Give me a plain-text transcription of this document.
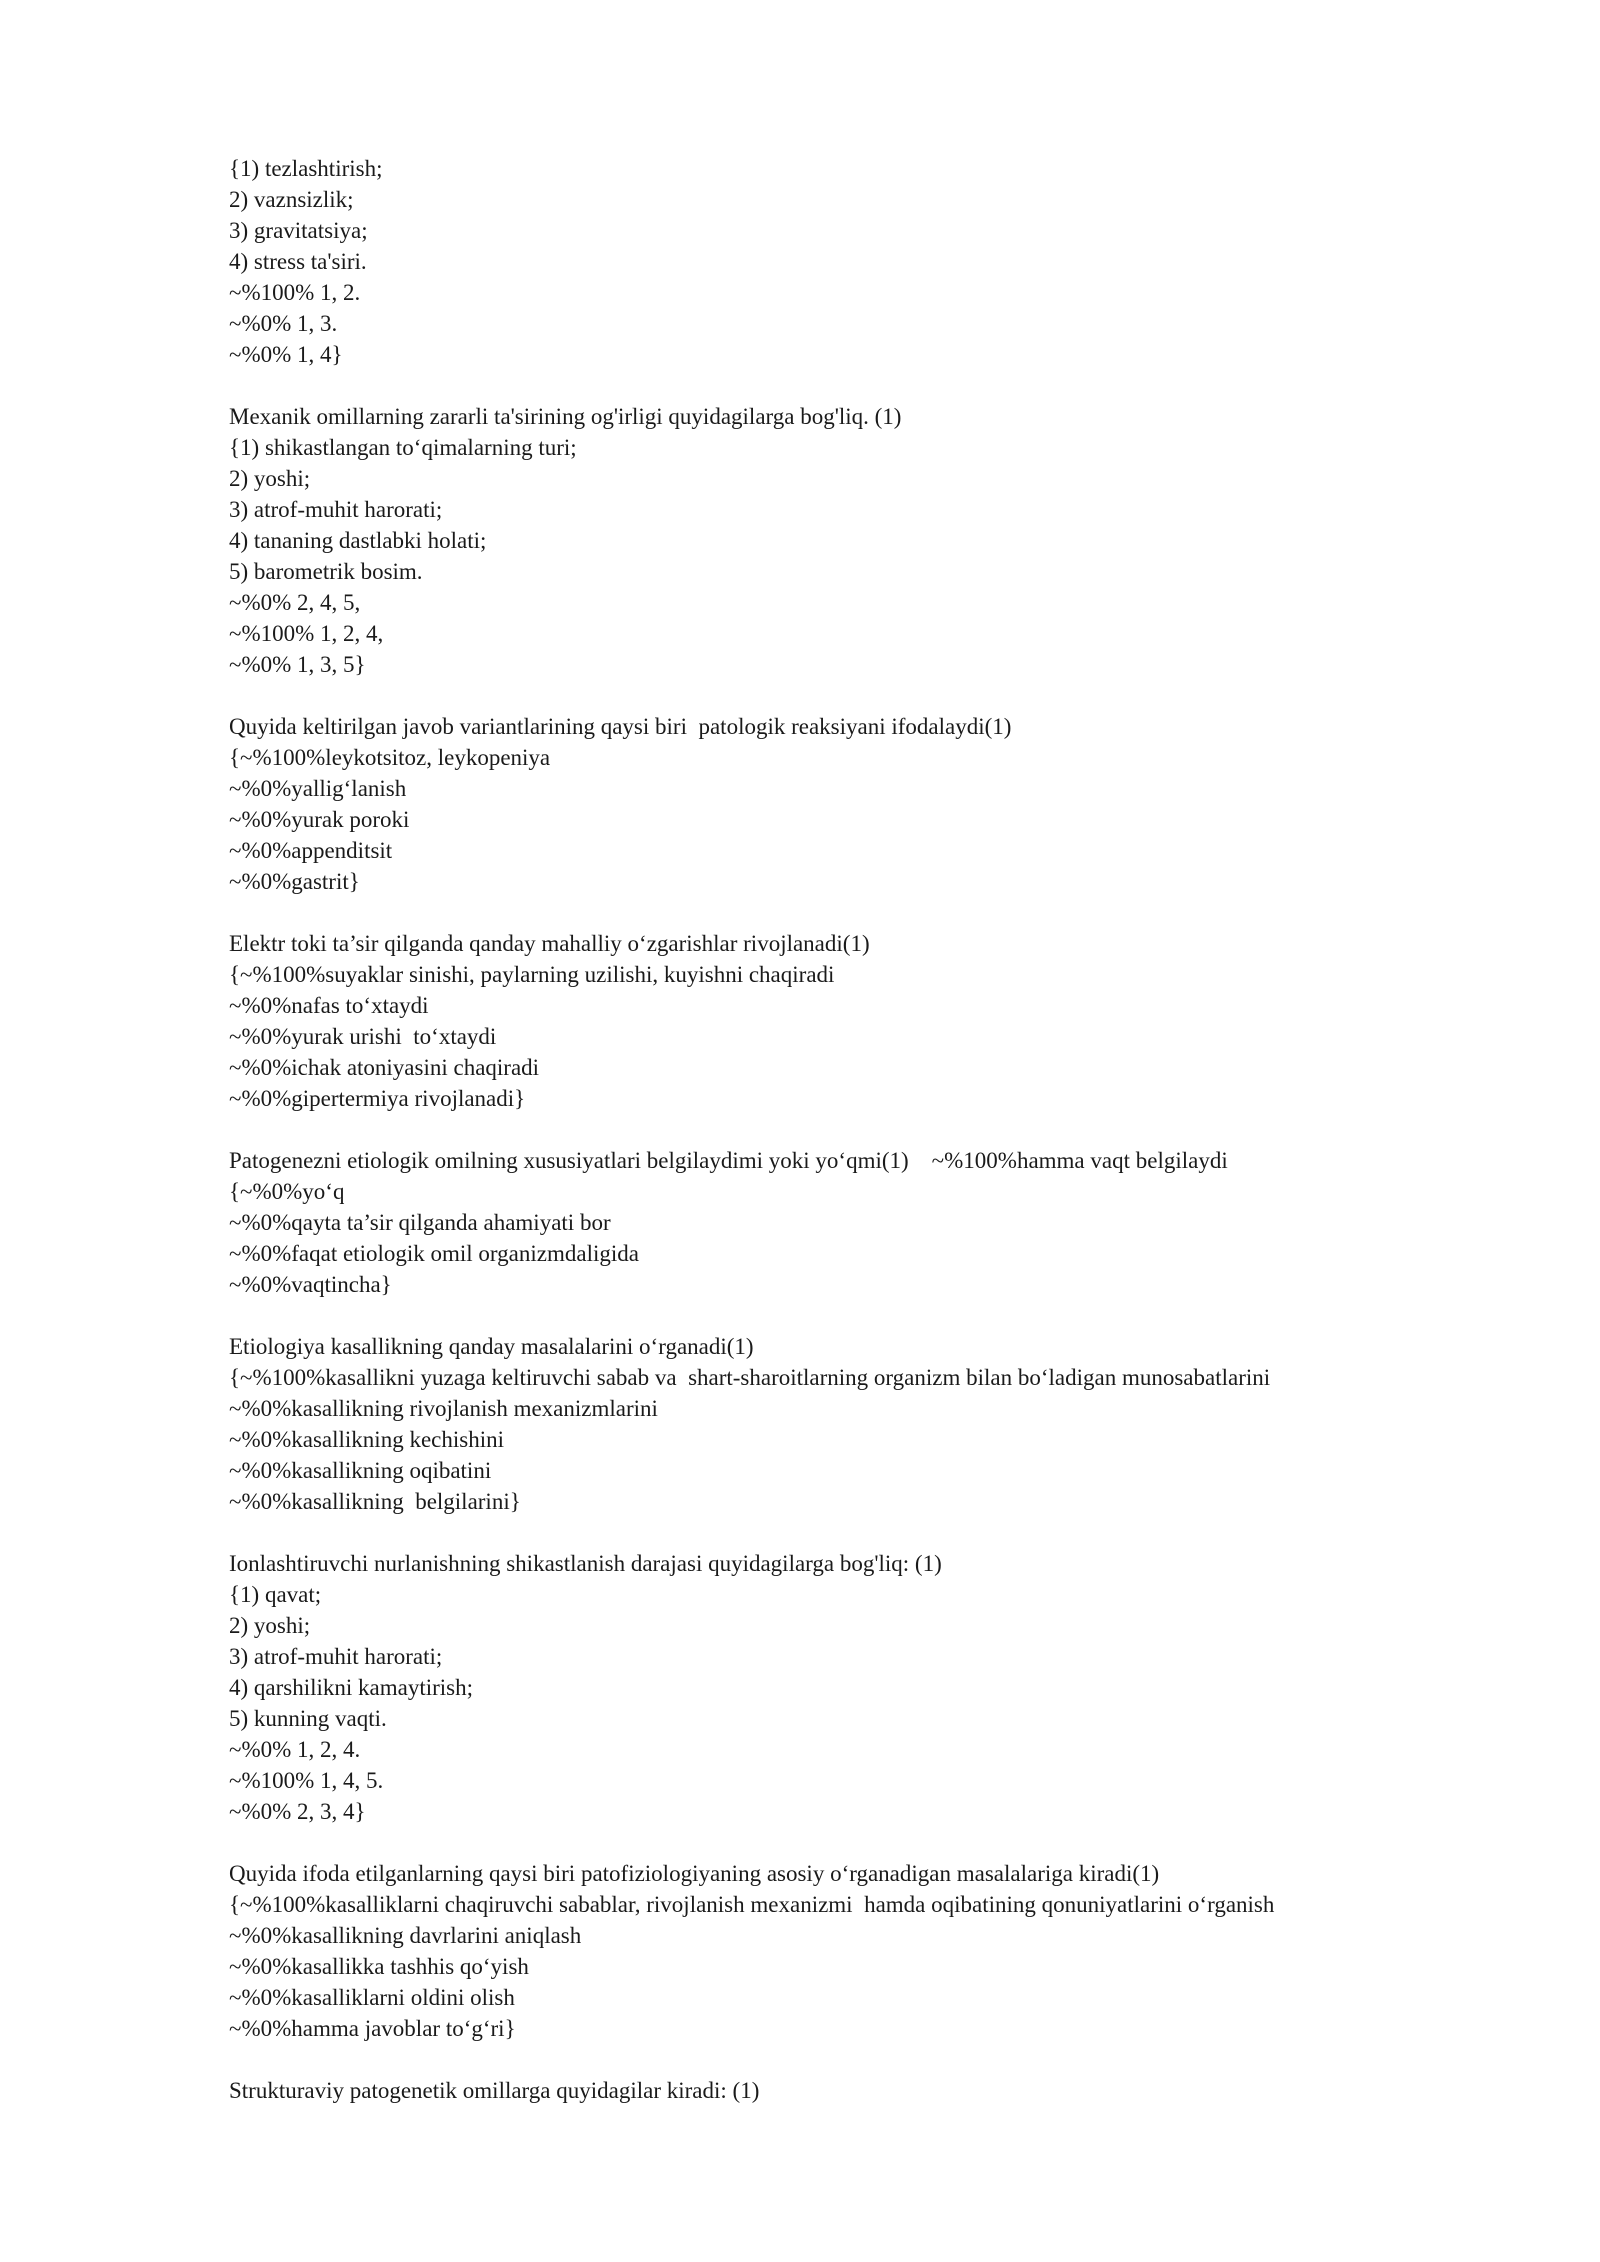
{1) tezlashtirish;
2) vaznsizlik;
3) gravitatsiya;
4) stress ta'siri.
~%100% 1, 2.
~%0% 1, 3.
~%0% 1, 4}
Mexanik omillarning zararli ta'sirining og'irligi quyidagilarga bog'liq. (1)
{1) shikastlangan to‘qimalarning turi;
2) yoshi;
3) atrof-muhit harorati;
4) tananing dastlabki holati;
5) barometrik bosim.
~%0% 2, 4, 5,
~%100% 1, 2, 4,
~%0% 1, 3, 5}
Quyida keltirilgan javob variantlarining qaysi biri  patologik reaksiyani ifodalaydi(1)
{~%100%leykotsitoz, leykopeniya
~%0%yallig‘lanish
~%0%yurak poroki
~%0%appenditsit
~%0%gastrit}
Elektr toki ta’sir qilganda qanday mahalliy o‘zgarishlar rivojlanadi(1)
{~%100%suyaklar sinishi, paylarning uzilishi, kuyishni chaqiradi
~%0%nafas to‘xtaydi
~%0%yurak urishi  to‘xtaydi
~%0%ichak atoniyasini chaqiradi
~%0%gipertermiya rivojlanadi}
Patogenezni etiologik omilning xususiyatlari belgilaydimi yoki yo‘qmi(1)    ~%100%hamma vaqt belgilaydi
{~%0%yo‘q
~%0%qayta ta’sir qilganda ahamiyati bor
~%0%faqat etiologik omil organizmdaligida
~%0%vaqtincha}
Etiologiya kasallikning qanday masalalarini o‘rganadi(1)
{~%100%kasallikni yuzaga keltiruvchi sabab va  shart-sharoitlarning organizm bilan bo‘ladigan munosabatlarini
~%0%kasallikning rivojlanish mexanizmlarini
~%0%kasallikning kechishini
~%0%kasallikning oqibatini
~%0%kasallikning  belgilarini}
Ionlashtiruvchi nurlanishning shikastlanish darajasi quyidagilarga bog'liq: (1)
{1) qavat;
2) yoshi;
3) atrof-muhit harorati;
4) qarshilikni kamaytirish;
5) kunning vaqti.
~%0% 1, 2, 4.
~%100% 1, 4, 5.
~%0% 2, 3, 4}
Quyida ifoda etilganlarning qaysi biri patofiziologiyaning asosiy o‘rganadigan masalalariga kiradi(1)
{~%100%kasalliklarni chaqiruvchi sabablar, rivojlanish mexanizmi  hamda oqibatining qonuniyatlarini o‘rganish
~%0%kasallikning davrlarini aniqlash
~%0%kasallikka tashhis qo‘yish
~%0%kasalliklarni oldini olish
~%0%hamma javoblar to‘g‘ri}
Strukturaviy patogenetik omillarga quyidagilar kiradi: (1)
